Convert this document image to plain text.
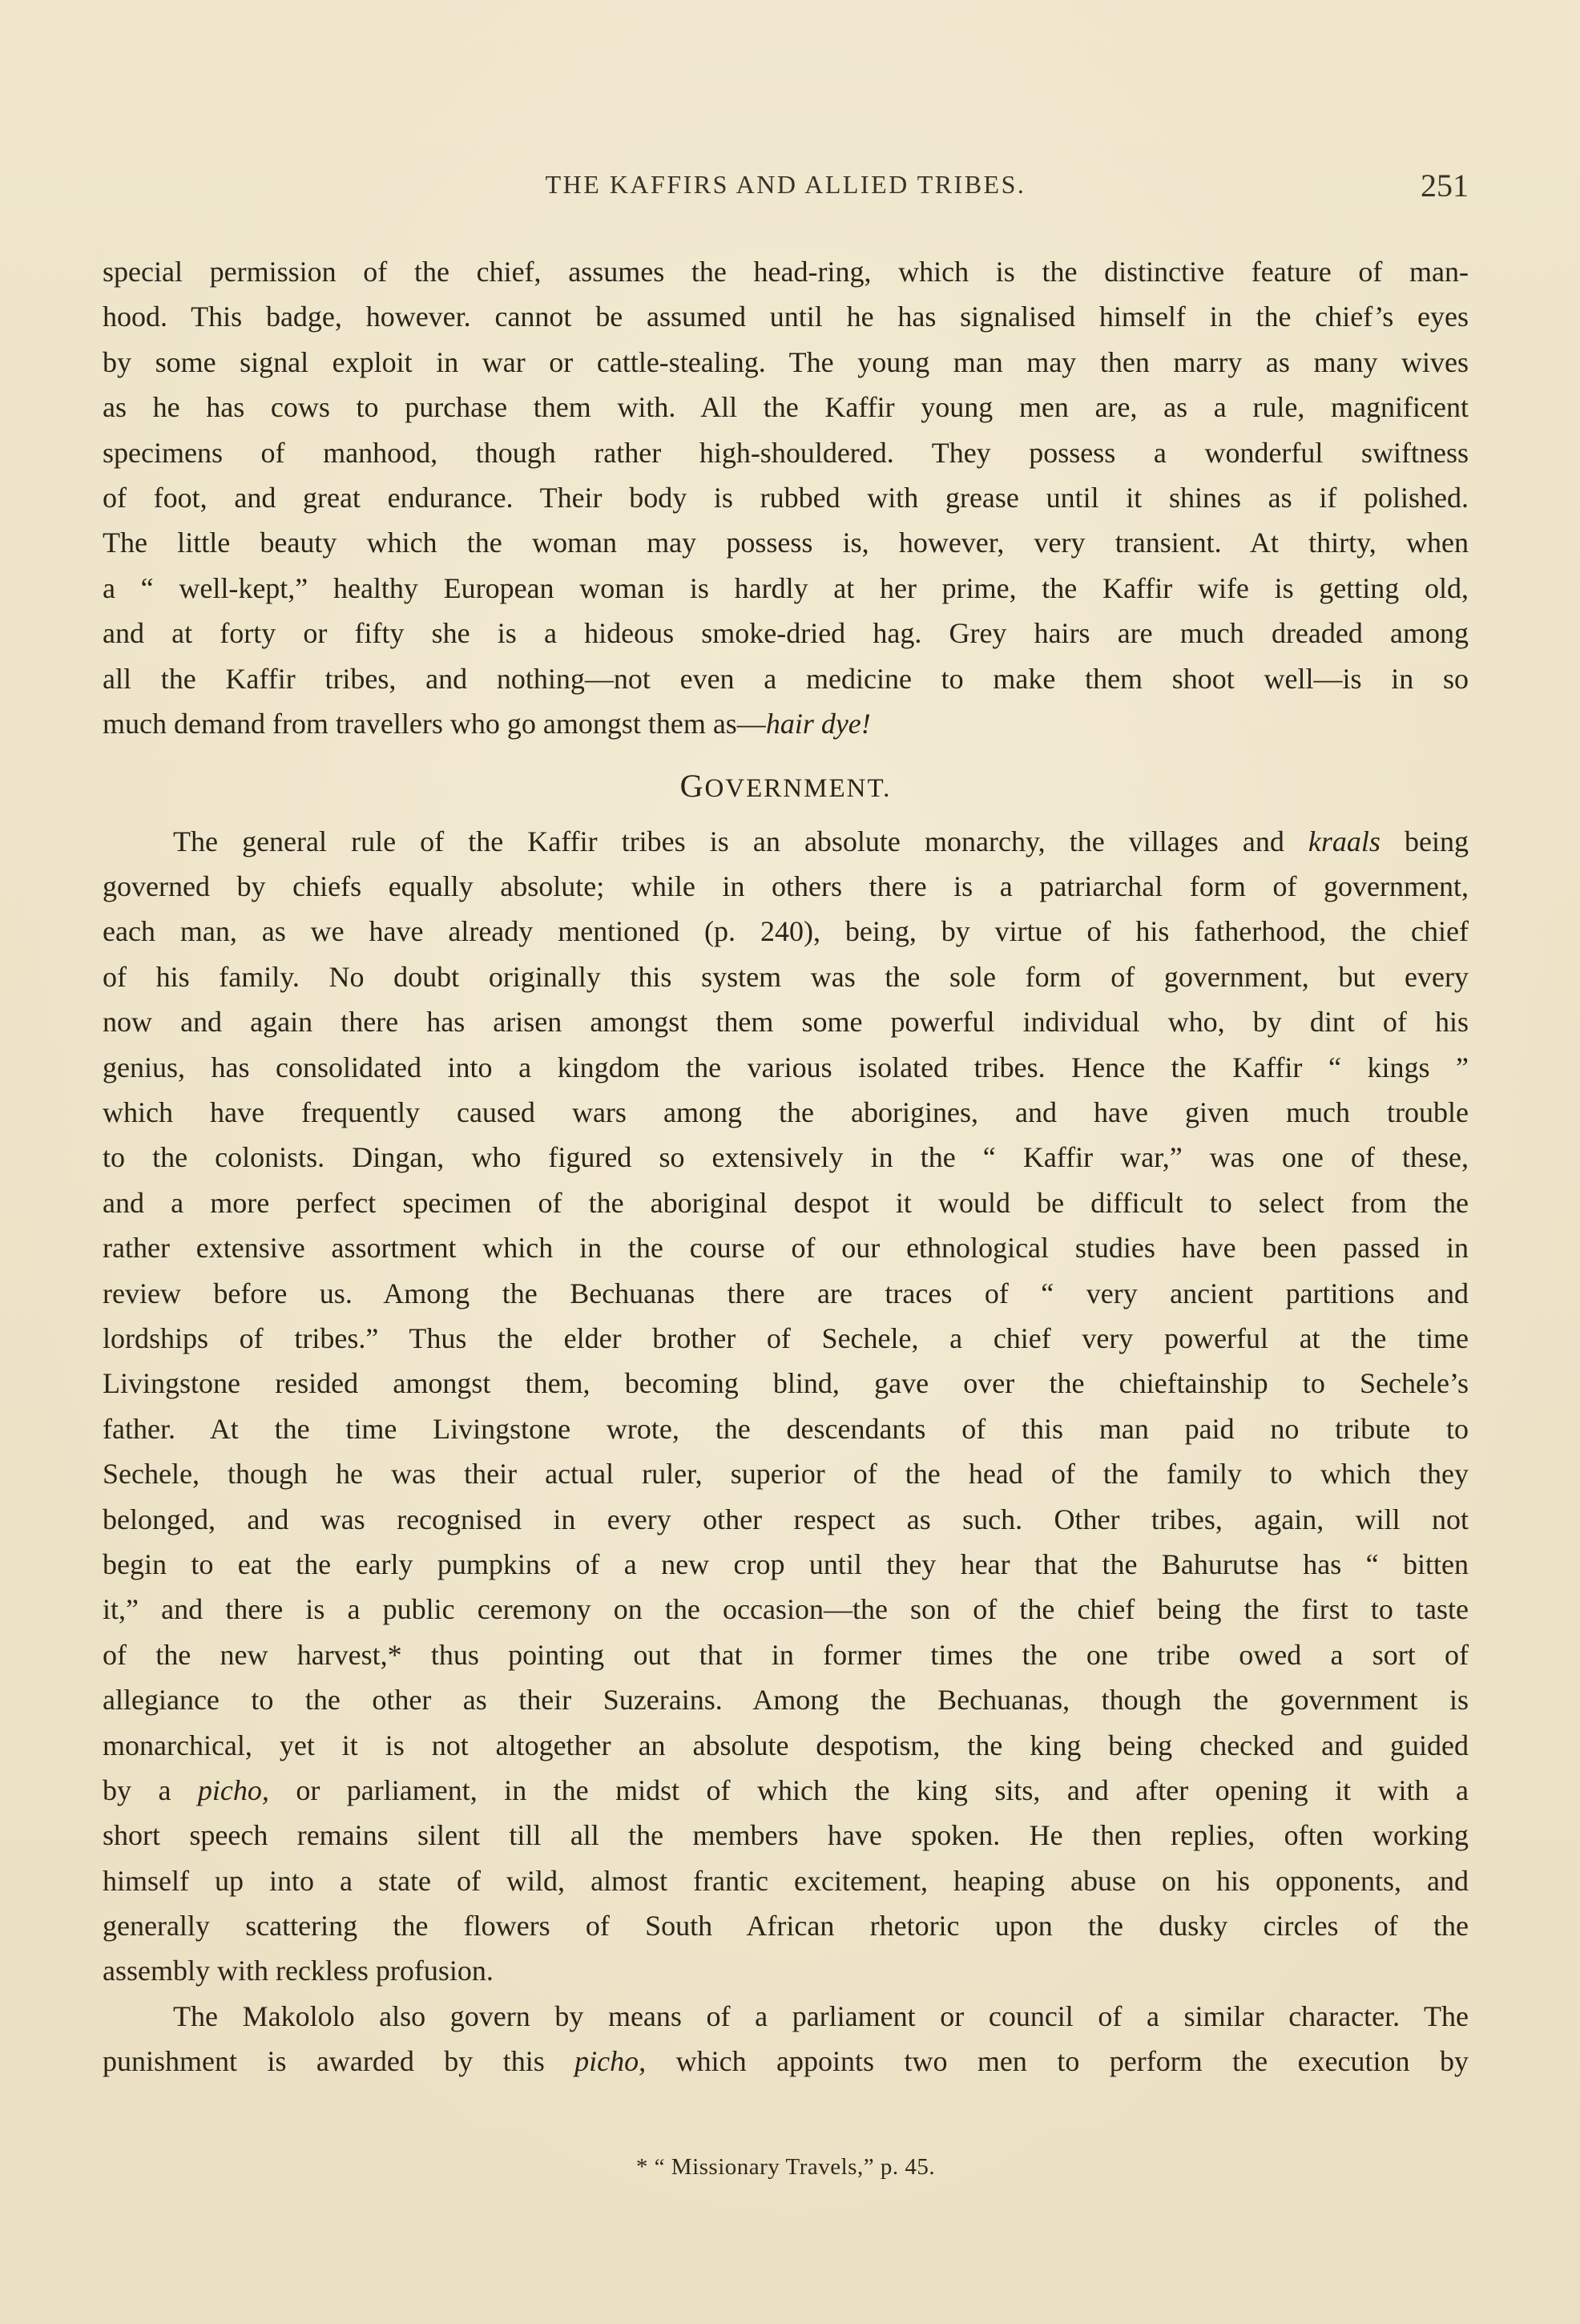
THE KAFFIRS AND ALLIED TRIBES.	251
special permission of the chief, assumes the head-ring, which is the distinctive feature of man-
hood. This badge, however. cannot be assumed until he has signalised himself in the chief’s eyes
by some signal exploit in war or cattle-stealing. The young man may then marry as many wives
as he has cows to purchase them with. All the Kaffir young men are, as a rule, magnificent
specimens of manhood, though rather high-shouldered. They possess a wonderful swiftness
of foot, and great endurance. Their body is rubbed with grease until it shines as if polished.
The little beauty which the woman may possess is, however, very transient. At thirty, when
a “ well-kept,” healthy European woman is hardly at her prime, the Kaffir wife is getting old,
and at forty or fifty she is a hideous smoke-dried hag. Grey hairs are much dreaded among
all the Kaffir tribes, and nothing—not even a medicine to make them shoot well—is in so
much demand from travellers who go amongst them as—hair dye!
GOVERNMENT.
The general rule of the Kaffir tribes is an absolute monarchy, the villages and kraals being
governed by chiefs equally absolute; while in others there is a patriarchal form of government,
each man, as we have already mentioned (p. 240), being, by virtue of his fatherhood, the chief
of his family. No doubt originally this system was the sole form of government, but every
now and again there has arisen amongst them some powerful individual who, by dint of his
genius, has consolidated into a kingdom the various isolated tribes. Hence the Kaffir “ kings ”
which have frequently caused wars among the aborigines, and have given much trouble
to the colonists. Dingan, who figured so extensively in the “ Kaffir war,” was one of these,
and a more perfect specimen of the aboriginal despot it would be difficult to select from the
rather extensive assortment which in the course of our ethnological studies have been passed in
review before us. Among the Bechuanas there are traces of “ very ancient partitions and
lordships of tribes.” Thus the elder brother of Sechele, a chief very powerful at the time
Livingstone resided amongst them, becoming blind, gave over the chieftainship to Sechele’s
father. At the time Livingstone wrote, the descendants of this man paid no tribute to
Sechele, though he was their actual ruler, superior of the head of the family to which they
belonged, and was recognised in every other respect as such. Other tribes, again, will not
begin to eat the early pumpkins of a new crop until they hear that the Bahurutse has “ bitten
it,” and there is a public ceremony on the occasion—the son of the chief being the first to taste
of the new harvest,* thus pointing out that in former times the one tribe owed a sort of
allegiance to the other as their Suzerains. Among the Bechuanas, though the government is
monarchical, yet it is not altogether an absolute despotism, the king being checked and guided
by a picho, or parliament, in the midst of which the king sits, and after opening it with a
short speech remains silent till all the members have spoken. He then replies, often working
himself up into a state of wild, almost frantic excitement, heaping abuse on his opponents, and
generally scattering the flowers of South African rhetoric upon the dusky circles of the
assembly with reckless profusion.
The Makololo also govern by means of a parliament or council of a similar character. The
punishment is awarded by this picho, which appoints two men to perform the execution by
* “ Missionary Travels,” p. 45.
